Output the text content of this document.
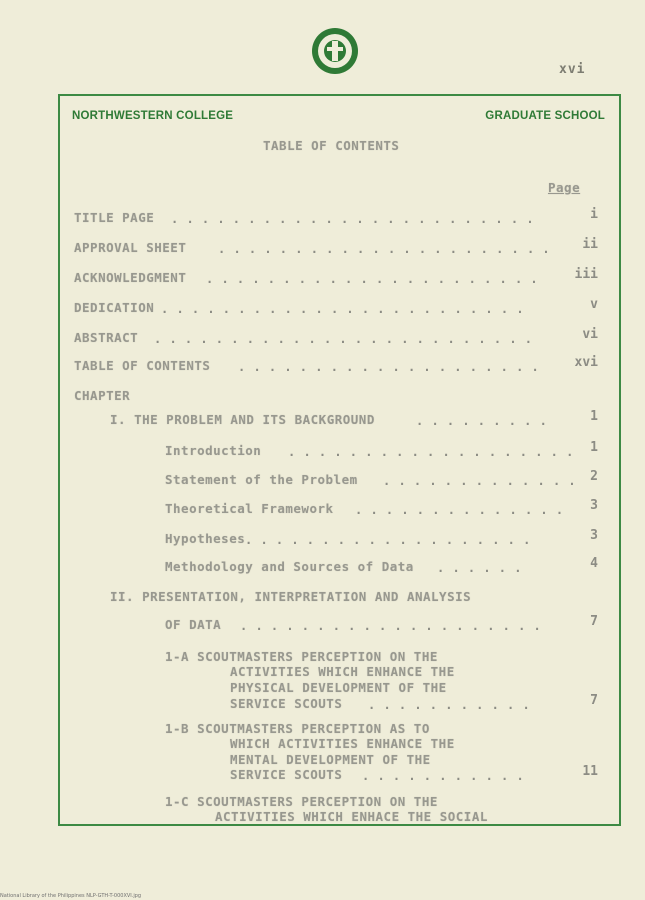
xvi
NORTHWESTERN COLLEGE	GRADUATE SCHOOL
TABLE OF CONTENTS
Page
TITLE PAGE . . . . . . . . . . . . . . . . . . . . . . . .	i
APPROVAL SHEET	. . . . . . . . . . . . . . . . . . . . . .	ii
ACKNOWLEDGMENT . . . . . . . . . . . . . . . . . . . . . .	iii
DEDICATION . . . . . . . . . . . . . . . . . . . . . . . .	v
ABSTRACT . . . . . . . . . . . . . . . . . . . . . . . . .	vi
TABLE OF CONTENTS . . . . . . . . . . . . . . . . . . . .	xvi
CHAPTER
I. THE PROBLEM AND ITS BACKGROUND	. . . . . . . . .	1
Introduction . . . . . . . . . . . . . . . . . . .	1
Statement of the Problem . . . . . . . . . . . . .	2
Theoretical Framework . . . . . . . . . . . . . .	3
Hypotheses . . . . . . . . . . . . . . . . . . .	3
Methodology and Sources of Data . . . . . .	4
II. PRESENTATION, INTERPRETATION AND ANALYSIS
OF DATA . . . . . . . . . . . . . . . . . . . .	7
1-A SCOUTMASTERS PERCEPTION ON THE
ACTIVITIES WHICH ENHANCE THE
PHYSICAL DEVELOPMENT OF THE
SERVICE SCOUTS . . . . . . . . . . .	7
1-B SCOUTMASTERS PERCEPTION AS TO
WHICH ACTIVITIES ENHANCE THE
MENTAL DEVELOPMENT OF THE
SERVICE SCOUTS . . . . . . . . . . .	11
1-C SCOUTMASTERS PERCEPTION ON THE
ACTIVITIES WHICH ENHACE THE SOCIAL
National Library of the Philippines NLP-GTH-T-000XVI.jpg
